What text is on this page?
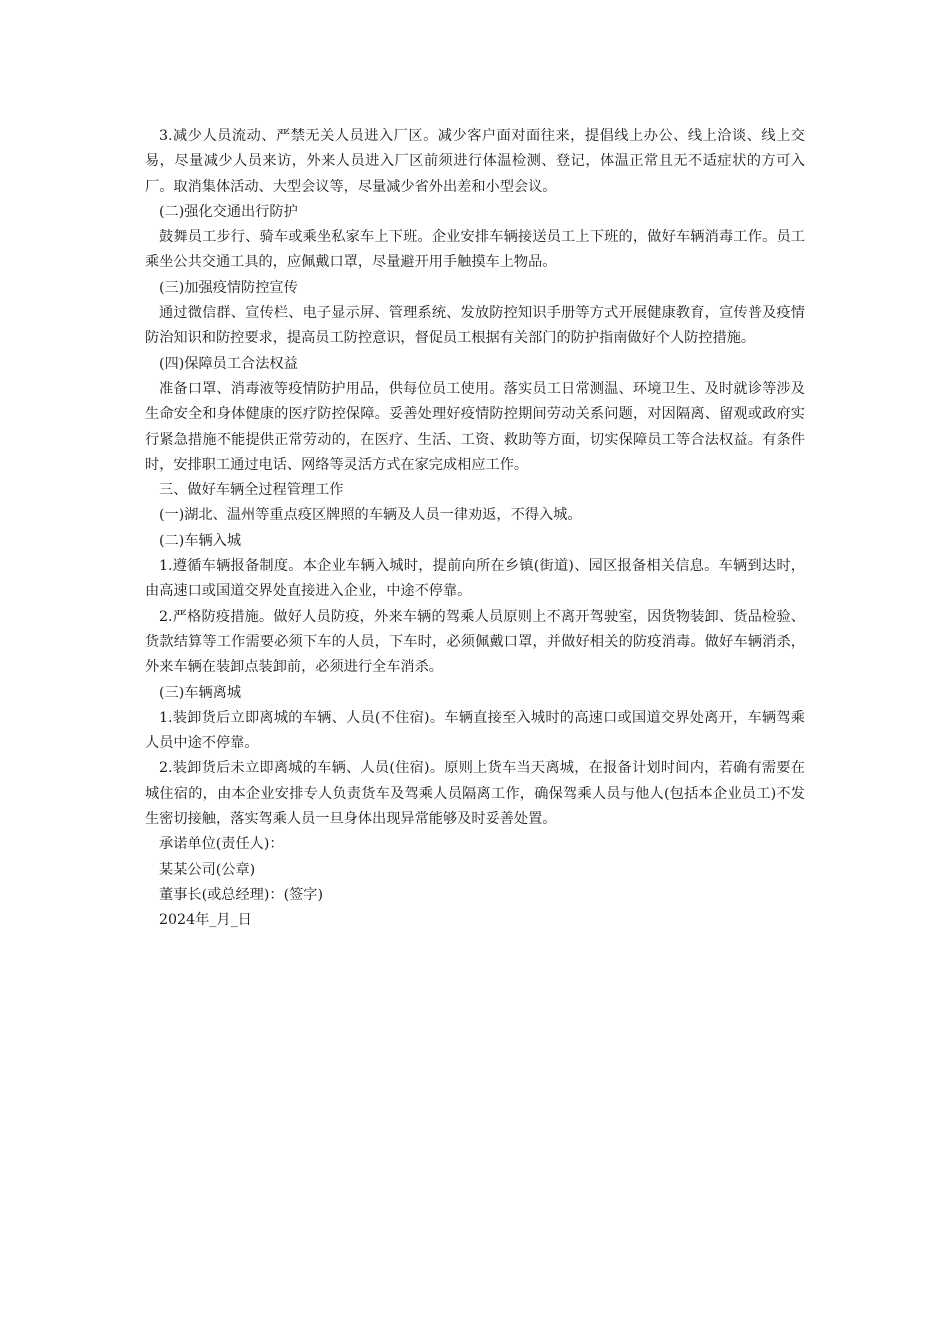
3.减少人员流动、严禁无关人员进入厂区。减少客户面对面往来，提倡线上办公、线上洽谈、线上交易，尽量减少人员来访，外来人员进入厂区前须进行体温检测、登记，体温正常且无不适症状的方可入厂。取消集体活动、大型会议等，尽量减少省外出差和小型会议。

(二)强化交通出行防护

鼓舞员工步行、骑车或乘坐私家车上下班。企业安排车辆接送员工上下班的，做好车辆消毒工作。员工乘坐公共交通工具的，应佩戴口罩，尽量避开用手触摸车上物品。

(三)加强疫情防控宣传

通过微信群、宣传栏、电子显示屏、管理系统、发放防控知识手册等方式开展健康教育，宣传普及疫情防治知识和防控要求，提高员工防控意识，督促员工根据有关部门的防护指南做好个人防控措施。

(四)保障员工合法权益

准备口罩、消毒液等疫情防护用品，供每位员工使用。落实员工日常测温、环境卫生、及时就诊等涉及生命安全和身体健康的医疗防控保障。妥善处理好疫情防控期间劳动关系问题，对因隔离、留观或政府实行紧急措施不能提供正常劳动的，在医疗、生活、工资、救助等方面，切实保障员工等合法权益。有条件时，安排职工通过电话、网络等灵活方式在家完成相应工作。

三、做好车辆全过程管理工作

(一)湖北、温州等重点疫区牌照的车辆及人员一律劝返，不得入城。

(二)车辆入城

1.遵循车辆报备制度。本企业车辆入城时，提前向所在乡镇(街道)、园区报备相关信息。车辆到达时，由高速口或国道交界处直接进入企业，中途不停靠。

2.严格防疫措施。做好人员防疫，外来车辆的驾乘人员原则上不离开驾驶室，因货物装卸、货品检验、货款结算等工作需要必须下车的人员，下车时，必须佩戴口罩，并做好相关的防疫消毒。做好车辆消杀，外来车辆在装卸点装卸前，必须进行全车消杀。

(三)车辆离城

1.装卸货后立即离城的车辆、人员(不住宿)。车辆直接至入城时的高速口或国道交界处离开，车辆驾乘人员中途不停靠。

2.装卸货后未立即离城的车辆、人员(住宿)。原则上货车当天离城，在报备计划时间内，若确有需要在城住宿的，由本企业安排专人负责货车及驾乘人员隔离工作，确保驾乘人员与他人(包括本企业员工)不发生密切接触，落实驾乘人员一旦身体出现异常能够及时妥善处置。

承诺单位(责任人)：

某某公司(公章)

董事长(或总经理)：(签字)

2024年_月_日
